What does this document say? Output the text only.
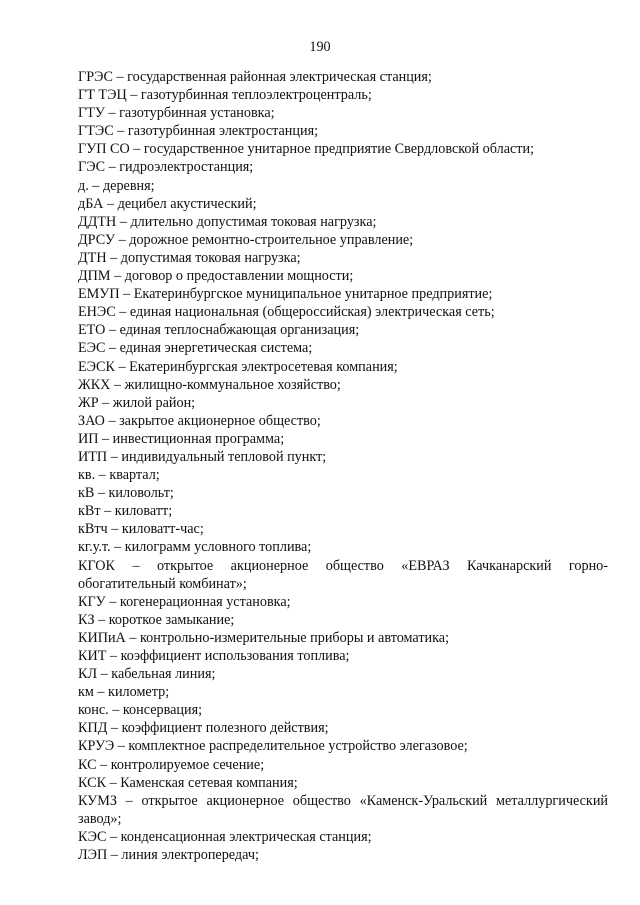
190
ГРЭС – государственная районная электрическая станция;
ГТ ТЭЦ – газотурбинная теплоэлектроцентраль;
ГТУ – газотурбинная установка;
ГТЭС – газотурбинная электростанция;
ГУП СО – государственное унитарное предприятие Свердловской области;
ГЭС – гидроэлектростанция;
д. – деревня;
дБА – децибел акустический;
ДДТН – длительно допустимая токовая нагрузка;
ДРСУ – дорожное ремонтно-строительное управление;
ДТН – допустимая токовая нагрузка;
ДПМ – договор о предоставлении мощности;
ЕМУП – Екатеринбургское муниципальное унитарное предприятие;
ЕНЭС – единая национальная (общероссийская) электрическая сеть;
ЕТО – единая теплоснабжающая организация;
ЕЭС – единая энергетическая система;
ЕЭСК – Екатеринбургская электросетевая компания;
ЖКХ – жилищно-коммунальное хозяйство;
ЖР – жилой район;
ЗАО – закрытое акционерное общество;
ИП – инвестиционная программа;
ИТП – индивидуальный тепловой пункт;
кв. – квартал;
кВ – киловольт;
кВт – киловатт;
кВтч – киловатт-час;
кг.у.т. – килограмм условного топлива;
КГОК – открытое акционерное общество «ЕВРАЗ Качканарский горно-обогатительный комбинат»;
КГУ – когенерационная установка;
КЗ – короткое замыкание;
КИПиА – контрольно-измерительные приборы и автоматика;
КИТ – коэффициент использования топлива;
КЛ – кабельная линия;
км – километр;
конс. – консервация;
КПД – коэффициент полезного действия;
КРУЭ – комплектное распределительное устройство элегазовое;
КС – контролируемое сечение;
КСК – Каменская сетевая компания;
КУМЗ – открытое акционерное общество «Каменск-Уральский металлургический завод»;
КЭС – конденсационная электрическая станция;
ЛЭП – линия электропередач;
